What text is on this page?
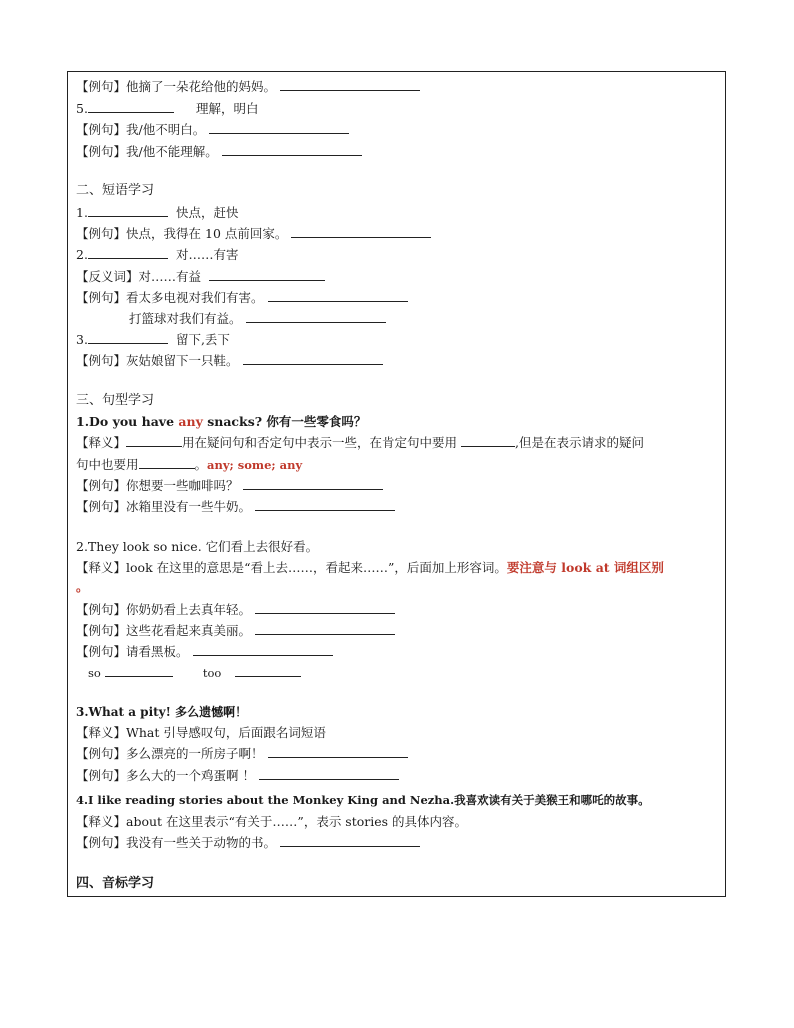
【例句】他摘了一朵花给他的妈妈。
5.	理解，明白
【例句】我/他不明白。
【例句】我/他不能理解。
二、短语学习
1.	快点，赶快
【例句】快点，我得在 10 点前回家。
2.	对……有害
【反义词】对……有益
【例句】看太多电视对我们有害。
打篮球对我们有益。
3.	留下,丢下
【例句】灰姑娘留下一只鞋。
三、句型学习
1.Do you have any snacks? 你有一些零食吗？
【释义】	用在疑问句和否定句中表示一些，在肯定句中要用	,但是在表示请求的疑问
句中也要用	。any; some; any
【例句】你想要一些咖啡吗？
【例句】冰箱里没有一些牛奶。
2.They look so nice. 它们看上去很好看。
【释义】look 在这里的意思是“看上去……，看起来……”，后面加上形容词。要注意与 look at 词组区别
。
【例句】你奶奶看上去真年轻。
【例句】这些花看起来真美丽。
【例句】请看黑板。
so	too
3.What a pity! 多么遗憾啊！
【释义】What 引导感叹句，后面跟名词短语
【例句】多么漂亮的一所房子啊！
【例句】多么大的一个鸡蛋啊 ！
4.I like reading stories about the Monkey King and Nezha.我喜欢读有关于美猴王和哪吒的故事。
【释义】about 在这里表示“有关于……”，表示 stories 的具体内容。
【例句】我没有一些关于动物的书。
四、音标学习
